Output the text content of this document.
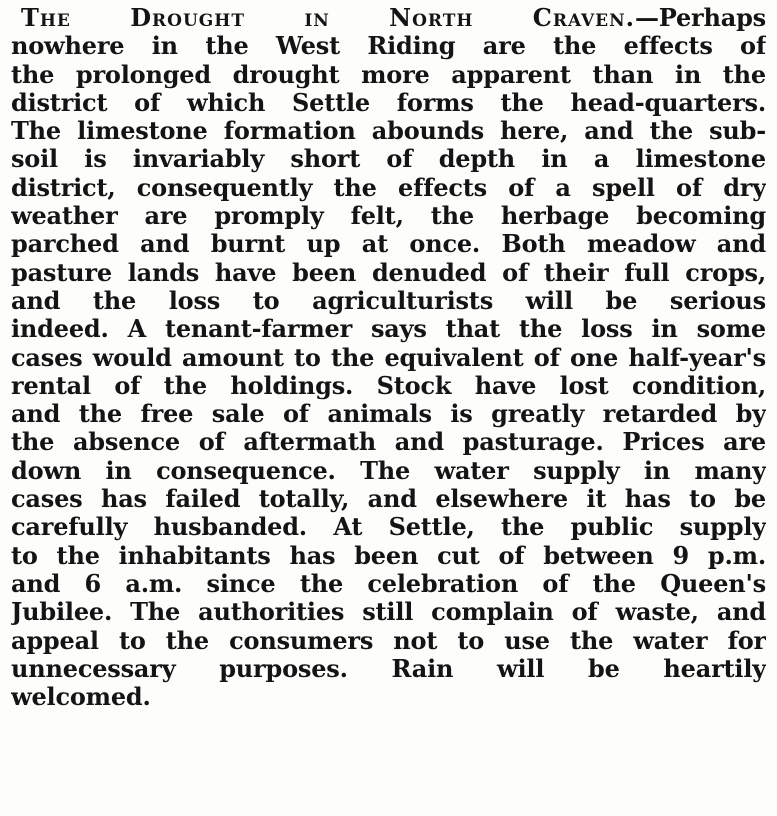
The Drought in North Craven.—Perhaps
nowhere in the West Riding are the effects of
the prolonged drought more apparent than in the
district of which Settle forms the head-quarters.
The limestone formation abounds here, and the sub-
soil is invariably short of depth in a limestone
district, consequently the effects of a spell of dry
weather are promply felt, the herbage becoming
parched and burnt up at once. Both meadow and
pasture lands have been denuded of their full crops,
and the loss to agriculturists will be serious
indeed. A tenant-farmer says that the loss in some
cases would amount to the equivalent of one half-year's
rental of the holdings. Stock have lost condition,
and the free sale of animals is greatly retarded by
the absence of aftermath and pasturage. Prices are
down in consequence. The water supply in many
cases has failed totally, and elsewhere it has to be
carefully husbanded. At Settle, the public supply
to the inhabitants has been cut of between 9 p.m.
and 6 a.m. since the celebration of the Queen's
Jubilee. The authorities still complain of waste, and
appeal to the consumers not to use the water for
unnecessary purposes. Rain will be heartily
welcomed.
